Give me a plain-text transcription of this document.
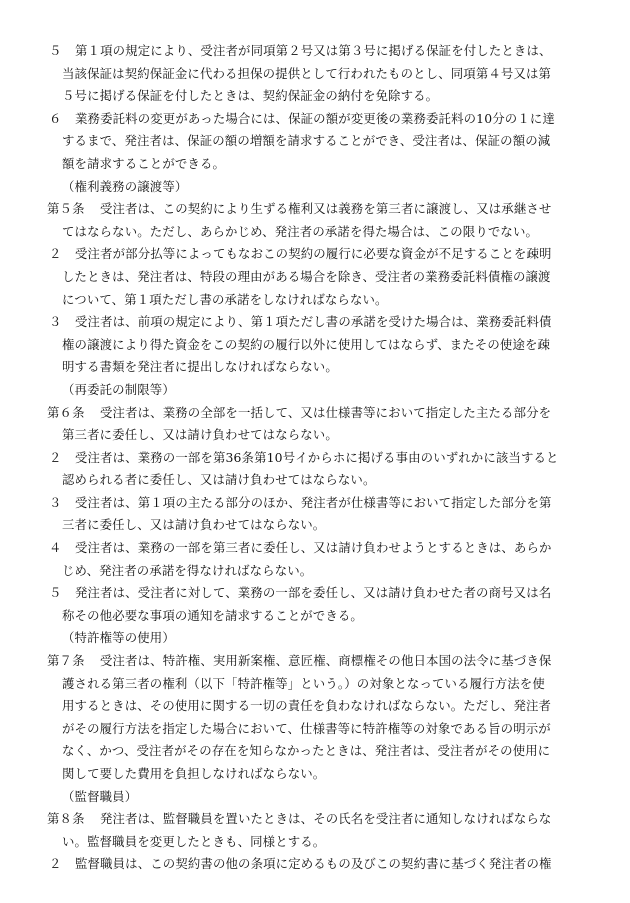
５ 第１項の規定により、受注者が同項第２号又は第３号に掲げる保証を付したときは、
当該保証は契約保証金に代わる担保の提供として行われたものとし、同項第４号又は第
５号に掲げる保証を付したときは、契約保証金の納付を免除する。
６ 業務委託料の変更があった場合には、保証の額が変更後の業務委託料の10分の１に達
するまで、発注者は、保証の額の増額を請求することができ、受注者は、保証の額の減
額を請求することができる。
（権利義務の譲渡等）
第５条 受注者は、この契約により生ずる権利又は義務を第三者に譲渡し、又は承継させ
てはならない。ただし、あらかじめ、発注者の承諾を得た場合は、この限りでない。
２ 受注者が部分払等によってもなおこの契約の履行に必要な資金が不足することを疎明
したときは、発注者は、特段の理由がある場合を除き、受注者の業務委託料債権の譲渡
について、第１項ただし書の承諾をしなければならない。
３ 受注者は、前項の規定により、第１項ただし書の承諾を受けた場合は、業務委託料債
権の譲渡により得た資金をこの契約の履行以外に使用してはならず、またその使途を疎
明する書類を発注者に提出しなければならない。
（再委託の制限等）
第６条 受注者は、業務の全部を一括して、又は仕様書等において指定した主たる部分を
第三者に委任し、又は請け負わせてはならない。
２ 受注者は、業務の一部を第36条第10号イからホに掲げる事由のいずれかに該当すると
認められる者に委任し、又は請け負わせてはならない。
３ 受注者は、第１項の主たる部分のほか、発注者が仕様書等において指定した部分を第
三者に委任し、又は請け負わせてはならない。
４ 受注者は、業務の一部を第三者に委任し、又は請け負わせようとするときは、あらか
じめ、発注者の承諾を得なければならない。
５ 発注者は、受注者に対して、業務の一部を委任し、又は請け負わせた者の商号又は名
称その他必要な事項の通知を請求することができる。
（特許権等の使用）
第７条 受注者は、特許権、実用新案権、意匠権、商標権その他日本国の法令に基づき保
護される第三者の権利（以下「特許権等」という。）の対象となっている履行方法を使
用するときは、その使用に関する一切の責任を負わなければならない。ただし、発注者
がその履行方法を指定した場合において、仕様書等に特許権等の対象である旨の明示が
なく、かつ、受注者がその存在を知らなかったときは、発注者は、受注者がその使用に
関して要した費用を負担しなければならない。
（監督職員）
第８条 発注者は、監督職員を置いたときは、その氏名を受注者に通知しなければならな
い。監督職員を変更したときも、同様とする。
２ 監督職員は、この契約書の他の条項に定めるもの及びこの契約書に基づく発注者の権
